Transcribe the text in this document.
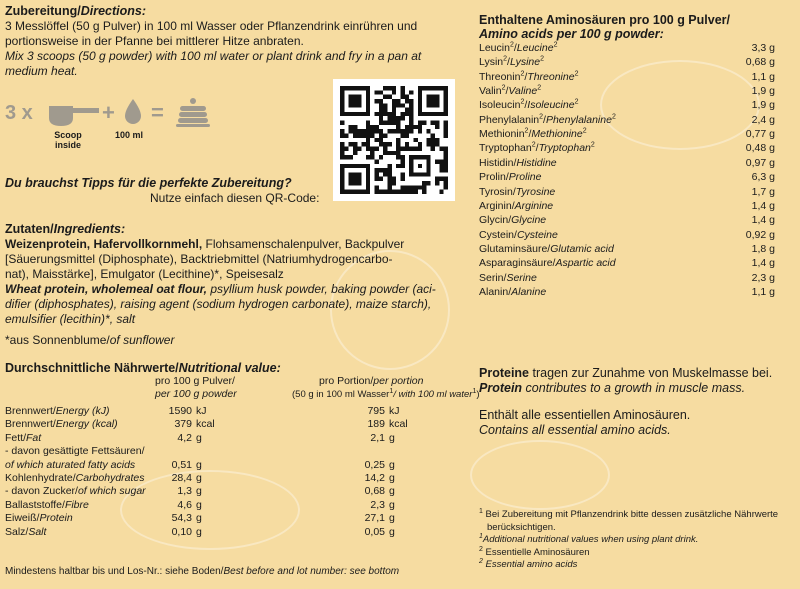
Zubereitung/Directions:
3 Messlöffel (50 g Pulver) in 100 ml Wasser oder Pflanzendrink einrühren und
portionsweise in der Pfanne bei mittlerer Hitze anbraten.
Mix 3 scoops (50 g powder) with 100 ml water or plant drink and fry in a pan at
medium heat.
3 x
Scoop
inside
+
100 ml
=
Du brauchst Tipps für die perfekte Zubereitung?
Nutze einfach diesen QR-Code:
Zutaten/Ingredients:
Weizenprotein, Hafervollkornmehl, Flohsamenschalenpulver, Backpulver
[Säuerungsmittel (Diphosphate), Backtriebmittel (Natriumhydrogencarbo-
nat), Maisstärke], Emulgator (Lecithine)*, Speisesalz
Wheat protein, wholemeal oat flour, psyllium husk powder, baking powder (aci-
difier (diphosphates), raising agent (sodium hydrogen carbonate), maize starch),
emulsifier (lecithin)*, salt
*aus Sonnenblume/of sunflower
Durchschnittliche Nährwerte/Nutritional value:
pro 100 g Pulver/
per 100 g powder
pro Portion/per portion
(50 g in 100 ml Wasser$^1$/ with 100 ml water$^1$)
Brennwert/Energy (kJ)	1590 kJ	795 kJ
Brennwert/Energy (kcal)	379 kcal	189 kcal
Fett/Fat	4,2 g	2,1 g
- davon gesättigte Fettsäuren/
of which aturated fatty acids	0,51 g	0,25 g
Kohlenhydrate/Carbohydrates	28,4 g	14,2 g
- davon Zucker/of which sugar	1,3 g	0,68 g
Ballaststoffe/Fibre	4,6 g	2,3 g
Eiweiß/Protein	54,3 g	27,1 g
Salz/Salt	0,10 g	0,05 g
Mindestens haltbar bis und Los-Nr.: siehe Boden/Best before and lot number: see bottom
Enthaltene Aminosäuren pro 100 g Pulver/
Amino acids per 100 g powder:
Leucin$^2$/Leucine$^2$	3,3 g
Lysin$^2$/Lysine$^2$	0,68 g
Threonin$^2$/Threonine$^2$	1,1 g
Valin$^2$/Valine$^2$	1,9 g
Isoleucin$^2$/Isoleucine$^2$	1,9 g
Phenylalanin$^2$/Phenylalanine$^2$	2,4 g
Methionin$^2$/Methionine$^2$	0,77 g
Tryptophan$^2$/Tryptophan$^2$	0,48 g
Histidin/Histidine	0,97 g
Prolin/Proline	6,3 g
Tyrosin/Tyrosine	1,7 g
Arginin/Arginine	1,4 g
Glycin/Glycine	1,4 g
Cystein/Cysteine	0,92 g
Glutaminsäure/Glutamic acid	1,8 g
Asparaginsäure/Aspartic acid	1,4 g
Serin/Serine	2,3 g
Alanin/Alanine	1,1 g
Proteine tragen zur Zunahme von Muskelmasse bei.
Protein contributes to a growth in muscle mass.
Enthält alle essentiellen Aminosäuren.
Contains all essential amino acids.
$^1$ Bei Zubereitung mit Pflanzendrink bitte dessen zusätzliche Nährwerte
berücksichtigen.
$^1$Additional nutritional values when using plant drink.
$^2$ Essentielle Aminosäuren
$^2$ Essential amino acids
